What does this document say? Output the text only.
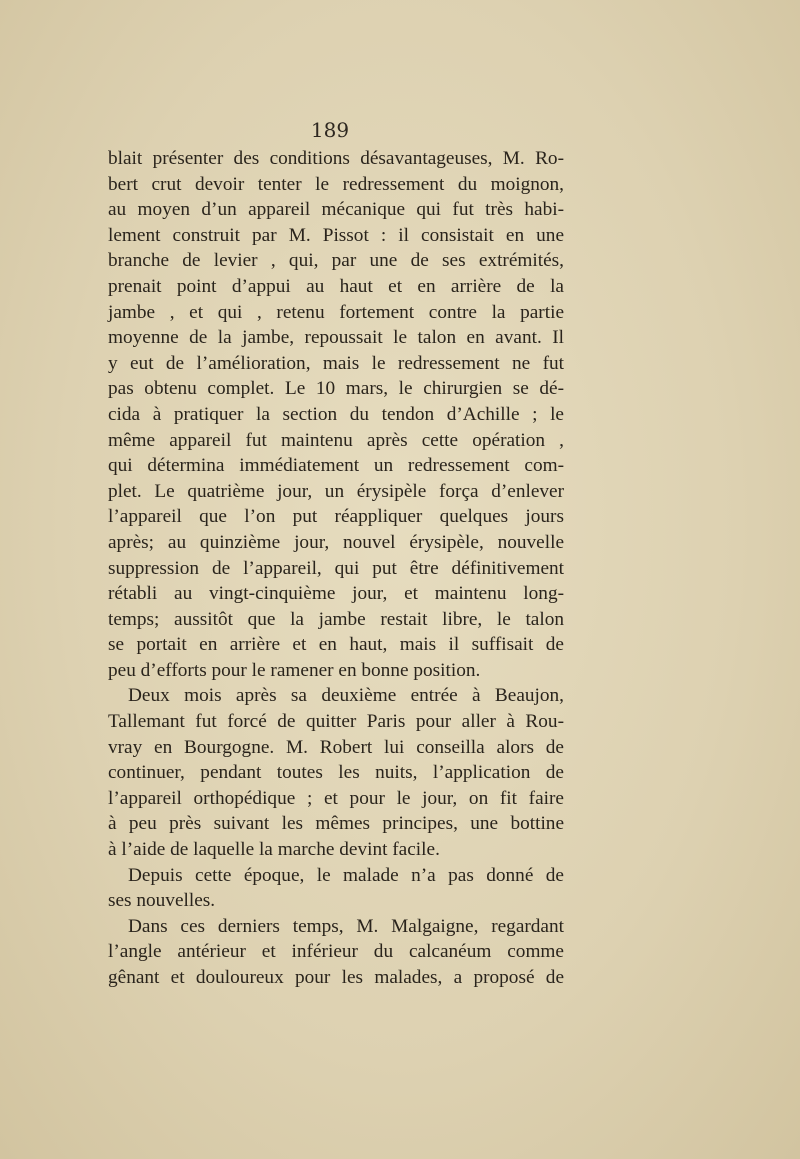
189
blait présenter des conditions désavantageuses, M. Ro-
bert crut devoir tenter le redressement du moignon,
au moyen d’un appareil mécanique qui fut très habi-
lement construit par M. Pissot : il consistait en une
branche de levier , qui, par une de ses extrémités,
prenait point d’appui au haut et en arrière de la
jambe , et qui , retenu fortement contre la partie
moyenne de la jambe, repoussait le talon en avant. Il
y eut de l’amélioration, mais le redressement ne fut
pas obtenu complet. Le 10 mars, le chirurgien se dé-
cida à pratiquer la section du tendon d’Achille ; le
même appareil fut maintenu après cette opération ,
qui détermina immédiatement un redressement com-
plet. Le quatrième jour, un érysipèle força d’enlever
l’appareil que l’on put réappliquer quelques jours
après; au quinzième jour, nouvel érysipèle, nouvelle
suppression de l’appareil, qui put être définitivement
rétabli au vingt-cinquième jour, et maintenu long-
temps; aussitôt que la jambe restait libre, le talon
se portait en arrière et en haut, mais il suffisait de
peu d’efforts pour le ramener en bonne position.
Deux mois après sa deuxième entrée à Beaujon,
Tallemant fut forcé de quitter Paris pour aller à Rou-
vray en Bourgogne. M. Robert lui conseilla alors de
continuer, pendant toutes les nuits, l’application de
l’appareil orthopédique ; et pour le jour, on fit faire
à peu près suivant les mêmes principes, une bottine
à l’aide de laquelle la marche devint facile.
Depuis cette époque, le malade n’a pas donné de
ses nouvelles.
Dans ces derniers temps, M. Malgaigne, regardant
l’angle antérieur et inférieur du calcanéum comme
gênant et douloureux pour les malades, a proposé de
